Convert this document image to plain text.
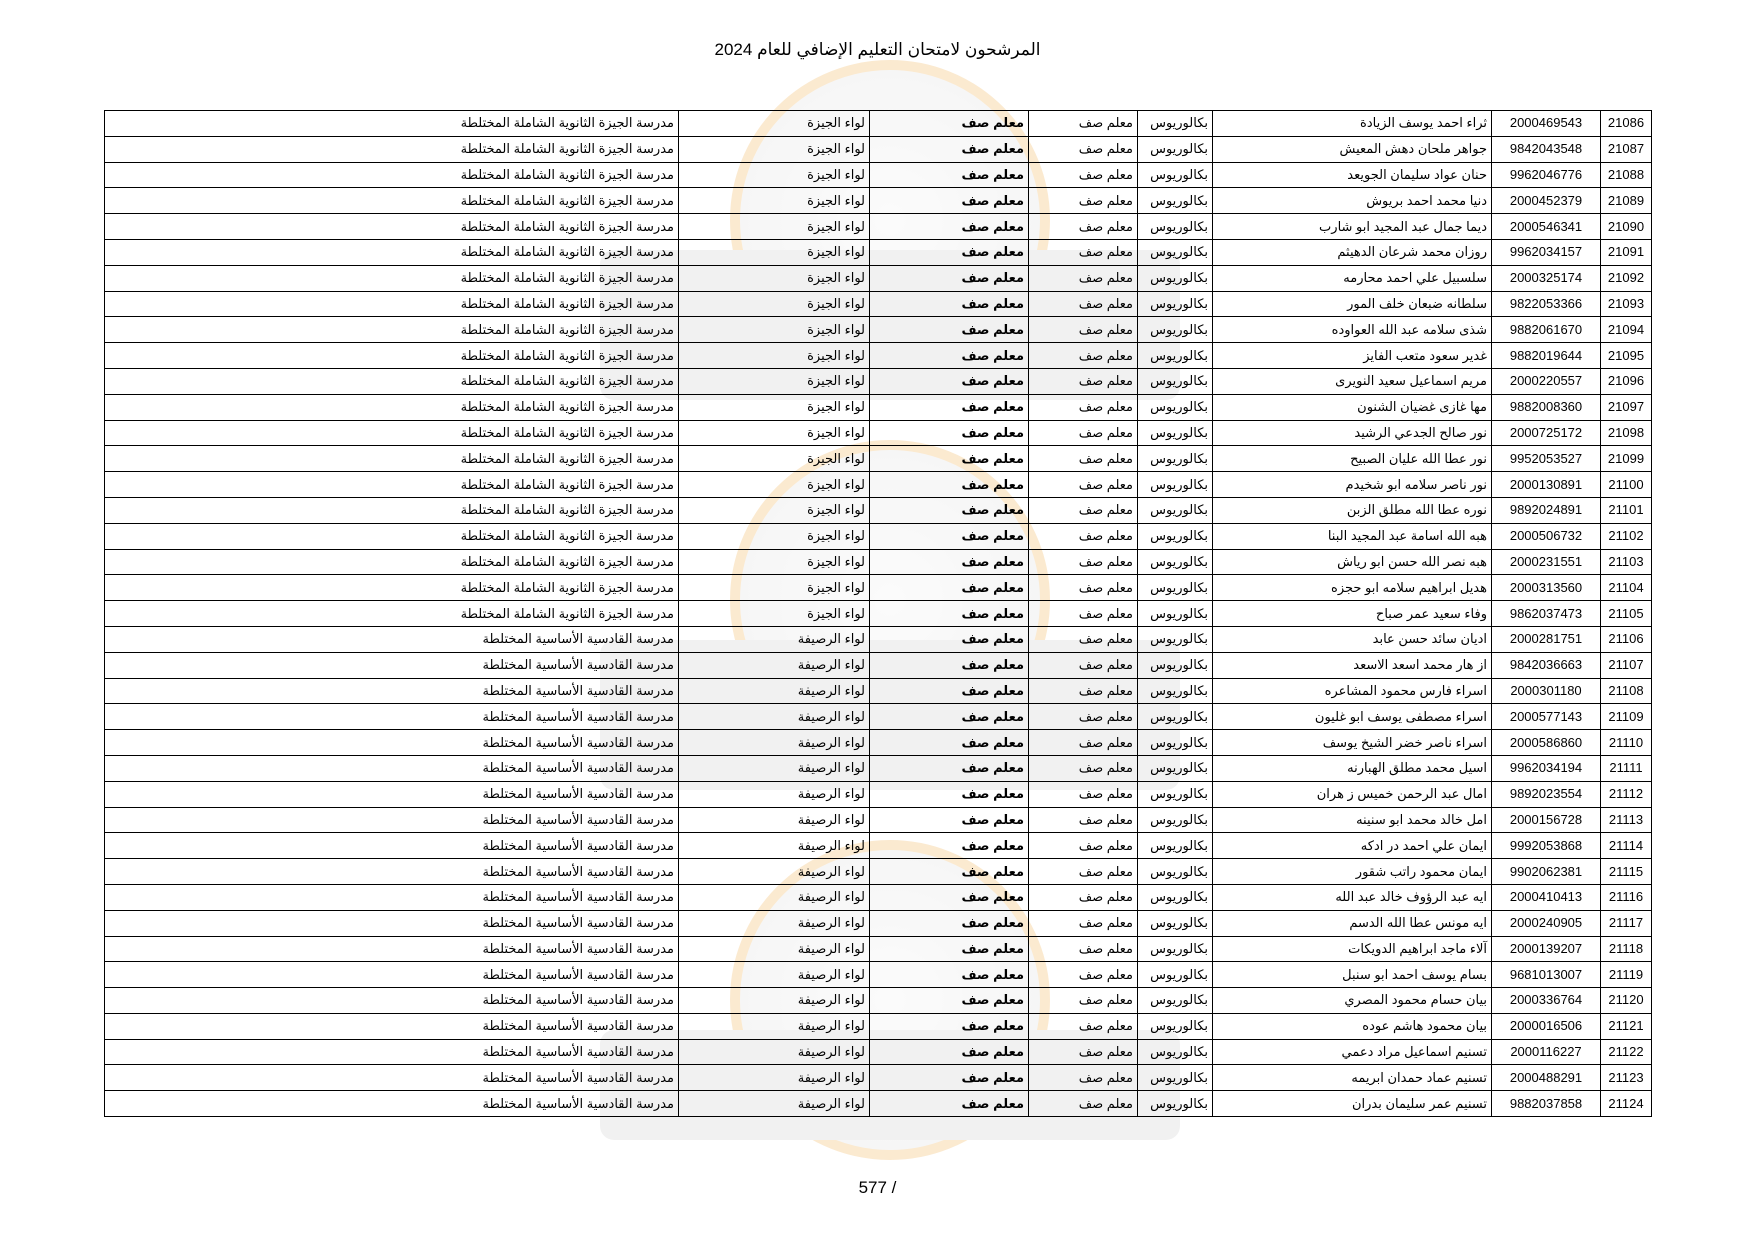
المرشحون لامتحان التعليم الإضافي للعام 2024
21086	2000469543	ثراء احمد يوسف الزيادة	بكالوريوس	معلم صف	معلم صف	لواء الجيزة	مدرسة الجيزة الثانوية الشاملة المختلطة
21087	9842043548	جواهر ملحان دهش المعيش	بكالوريوس	معلم صف	معلم صف	لواء الجيزة	مدرسة الجيزة الثانوية الشاملة المختلطة
21088	9962046776	حنان عواد سليمان الجويعد	بكالوريوس	معلم صف	معلم صف	لواء الجيزة	مدرسة الجيزة الثانوية الشاملة المختلطة
21089	2000452379	دنيا محمد احمد بريوش	بكالوريوس	معلم صف	معلم صف	لواء الجيزة	مدرسة الجيزة الثانوية الشاملة المختلطة
21090	2000546341	ديما جمال عبد المجيد ابو شارب	بكالوريوس	معلم صف	معلم صف	لواء الجيزة	مدرسة الجيزة الثانوية الشاملة المختلطة
21091	9962034157	روزان محمد شرعان الدهيثم	بكالوريوس	معلم صف	معلم صف	لواء الجيزة	مدرسة الجيزة الثانوية الشاملة المختلطة
21092	2000325174	سلسبيل علي احمد محارمه	بكالوريوس	معلم صف	معلم صف	لواء الجيزة	مدرسة الجيزة الثانوية الشاملة المختلطة
21093	9822053366	سلطانه ضبعان خلف المور	بكالوريوس	معلم صف	معلم صف	لواء الجيزة	مدرسة الجيزة الثانوية الشاملة المختلطة
21094	9882061670	شذى سلامه عبد الله العواوده	بكالوريوس	معلم صف	معلم صف	لواء الجيزة	مدرسة الجيزة الثانوية الشاملة المختلطة
21095	9882019644	غدير سعود متعب الفايز	بكالوريوس	معلم صف	معلم صف	لواء الجيزة	مدرسة الجيزة الثانوية الشاملة المختلطة
21096	2000220557	مريم اسماعيل سعيد النويرى	بكالوريوس	معلم صف	معلم صف	لواء الجيزة	مدرسة الجيزة الثانوية الشاملة المختلطة
21097	9882008360	مها غازى غضيان الشنون	بكالوريوس	معلم صف	معلم صف	لواء الجيزة	مدرسة الجيزة الثانوية الشاملة المختلطة
21098	2000725172	نور صالح الجدعي الرشيد	بكالوريوس	معلم صف	معلم صف	لواء الجيزة	مدرسة الجيزة الثانوية الشاملة المختلطة
21099	9952053527	نور عطا الله عليان الصبيح	بكالوريوس	معلم صف	معلم صف	لواء الجيزة	مدرسة الجيزة الثانوية الشاملة المختلطة
21100	2000130891	نور ناصر سلامه ابو شخيدم	بكالوريوس	معلم صف	معلم صف	لواء الجيزة	مدرسة الجيزة الثانوية الشاملة المختلطة
21101	9892024891	نوره عطا الله مطلق الزبن	بكالوريوس	معلم صف	معلم صف	لواء الجيزة	مدرسة الجيزة الثانوية الشاملة المختلطة
21102	2000506732	هبه الله اسامة عبد المجيد البنا	بكالوريوس	معلم صف	معلم صف	لواء الجيزة	مدرسة الجيزة الثانوية الشاملة المختلطة
21103	2000231551	هبه نصر الله حسن ابو رياش	بكالوريوس	معلم صف	معلم صف	لواء الجيزة	مدرسة الجيزة الثانوية الشاملة المختلطة
21104	2000313560	هديل ابراهيم سلامه ابو حجزه	بكالوريوس	معلم صف	معلم صف	لواء الجيزة	مدرسة الجيزة الثانوية الشاملة المختلطة
21105	9862037473	وفاء سعيد عمر صباح	بكالوريوس	معلم صف	معلم صف	لواء الجيزة	مدرسة الجيزة الثانوية الشاملة المختلطة
21106	2000281751	اديان سائد حسن عابد	بكالوريوس	معلم صف	معلم صف	لواء الرصيفة	مدرسة القادسية الأساسية المختلطة
21107	9842036663	از هار محمد اسعد الاسعد	بكالوريوس	معلم صف	معلم صف	لواء الرصيفة	مدرسة القادسية الأساسية المختلطة
21108	2000301180	اسراء فارس محمود المشاعره	بكالوريوس	معلم صف	معلم صف	لواء الرصيفة	مدرسة القادسية الأساسية المختلطة
21109	2000577143	اسراء مصطفى يوسف ابو غليون	بكالوريوس	معلم صف	معلم صف	لواء الرصيفة	مدرسة القادسية الأساسية المختلطة
21110	2000586860	اسراء ناصر خضر الشيخ يوسف	بكالوريوس	معلم صف	معلم صف	لواء الرصيفة	مدرسة القادسية الأساسية المختلطة
21111	9962034194	اسيل محمد مطلق الهبارنه	بكالوريوس	معلم صف	معلم صف	لواء الرصيفة	مدرسة القادسية الأساسية المختلطة
21112	9892023554	امال عبد الرحمن خميس ز هران	بكالوريوس	معلم صف	معلم صف	لواء الرصيفة	مدرسة القادسية الأساسية المختلطة
21113	2000156728	امل خالد محمد ابو سنينه	بكالوريوس	معلم صف	معلم صف	لواء الرصيفة	مدرسة القادسية الأساسية المختلطة
21114	9992053868	ايمان علي احمد در ادكه	بكالوريوس	معلم صف	معلم صف	لواء الرصيفة	مدرسة القادسية الأساسية المختلطة
21115	9902062381	ايمان محمود راتب شقور	بكالوريوس	معلم صف	معلم صف	لواء الرصيفة	مدرسة القادسية الأساسية المختلطة
21116	2000410413	ايه عبد الرؤوف خالد عبد الله	بكالوريوس	معلم صف	معلم صف	لواء الرصيفة	مدرسة القادسية الأساسية المختلطة
21117	2000240905	ايه مونس عطا الله الدسم	بكالوريوس	معلم صف	معلم صف	لواء الرصيفة	مدرسة القادسية الأساسية المختلطة
21118	2000139207	آلاء ماجد ابراهيم الدويكات	بكالوريوس	معلم صف	معلم صف	لواء الرصيفة	مدرسة القادسية الأساسية المختلطة
21119	9681013007	بسام يوسف احمد ابو سنبل	بكالوريوس	معلم صف	معلم صف	لواء الرصيفة	مدرسة القادسية الأساسية المختلطة
21120	2000336764	بيان حسام محمود المصري	بكالوريوس	معلم صف	معلم صف	لواء الرصيفة	مدرسة القادسية الأساسية المختلطة
21121	2000016506	بيان محمود هاشم عوده	بكالوريوس	معلم صف	معلم صف	لواء الرصيفة	مدرسة القادسية الأساسية المختلطة
21122	2000116227	تسنيم اسماعيل مراد دعمي	بكالوريوس	معلم صف	معلم صف	لواء الرصيفة	مدرسة القادسية الأساسية المختلطة
21123	2000488291	تسنيم عماد حمدان ابريمه	بكالوريوس	معلم صف	معلم صف	لواء الرصيفة	مدرسة القادسية الأساسية المختلطة
21124	9882037858	تسنيم عمر سليمان بدران	بكالوريوس	معلم صف	معلم صف	لواء الرصيفة	مدرسة القادسية الأساسية المختلطة
577 /
